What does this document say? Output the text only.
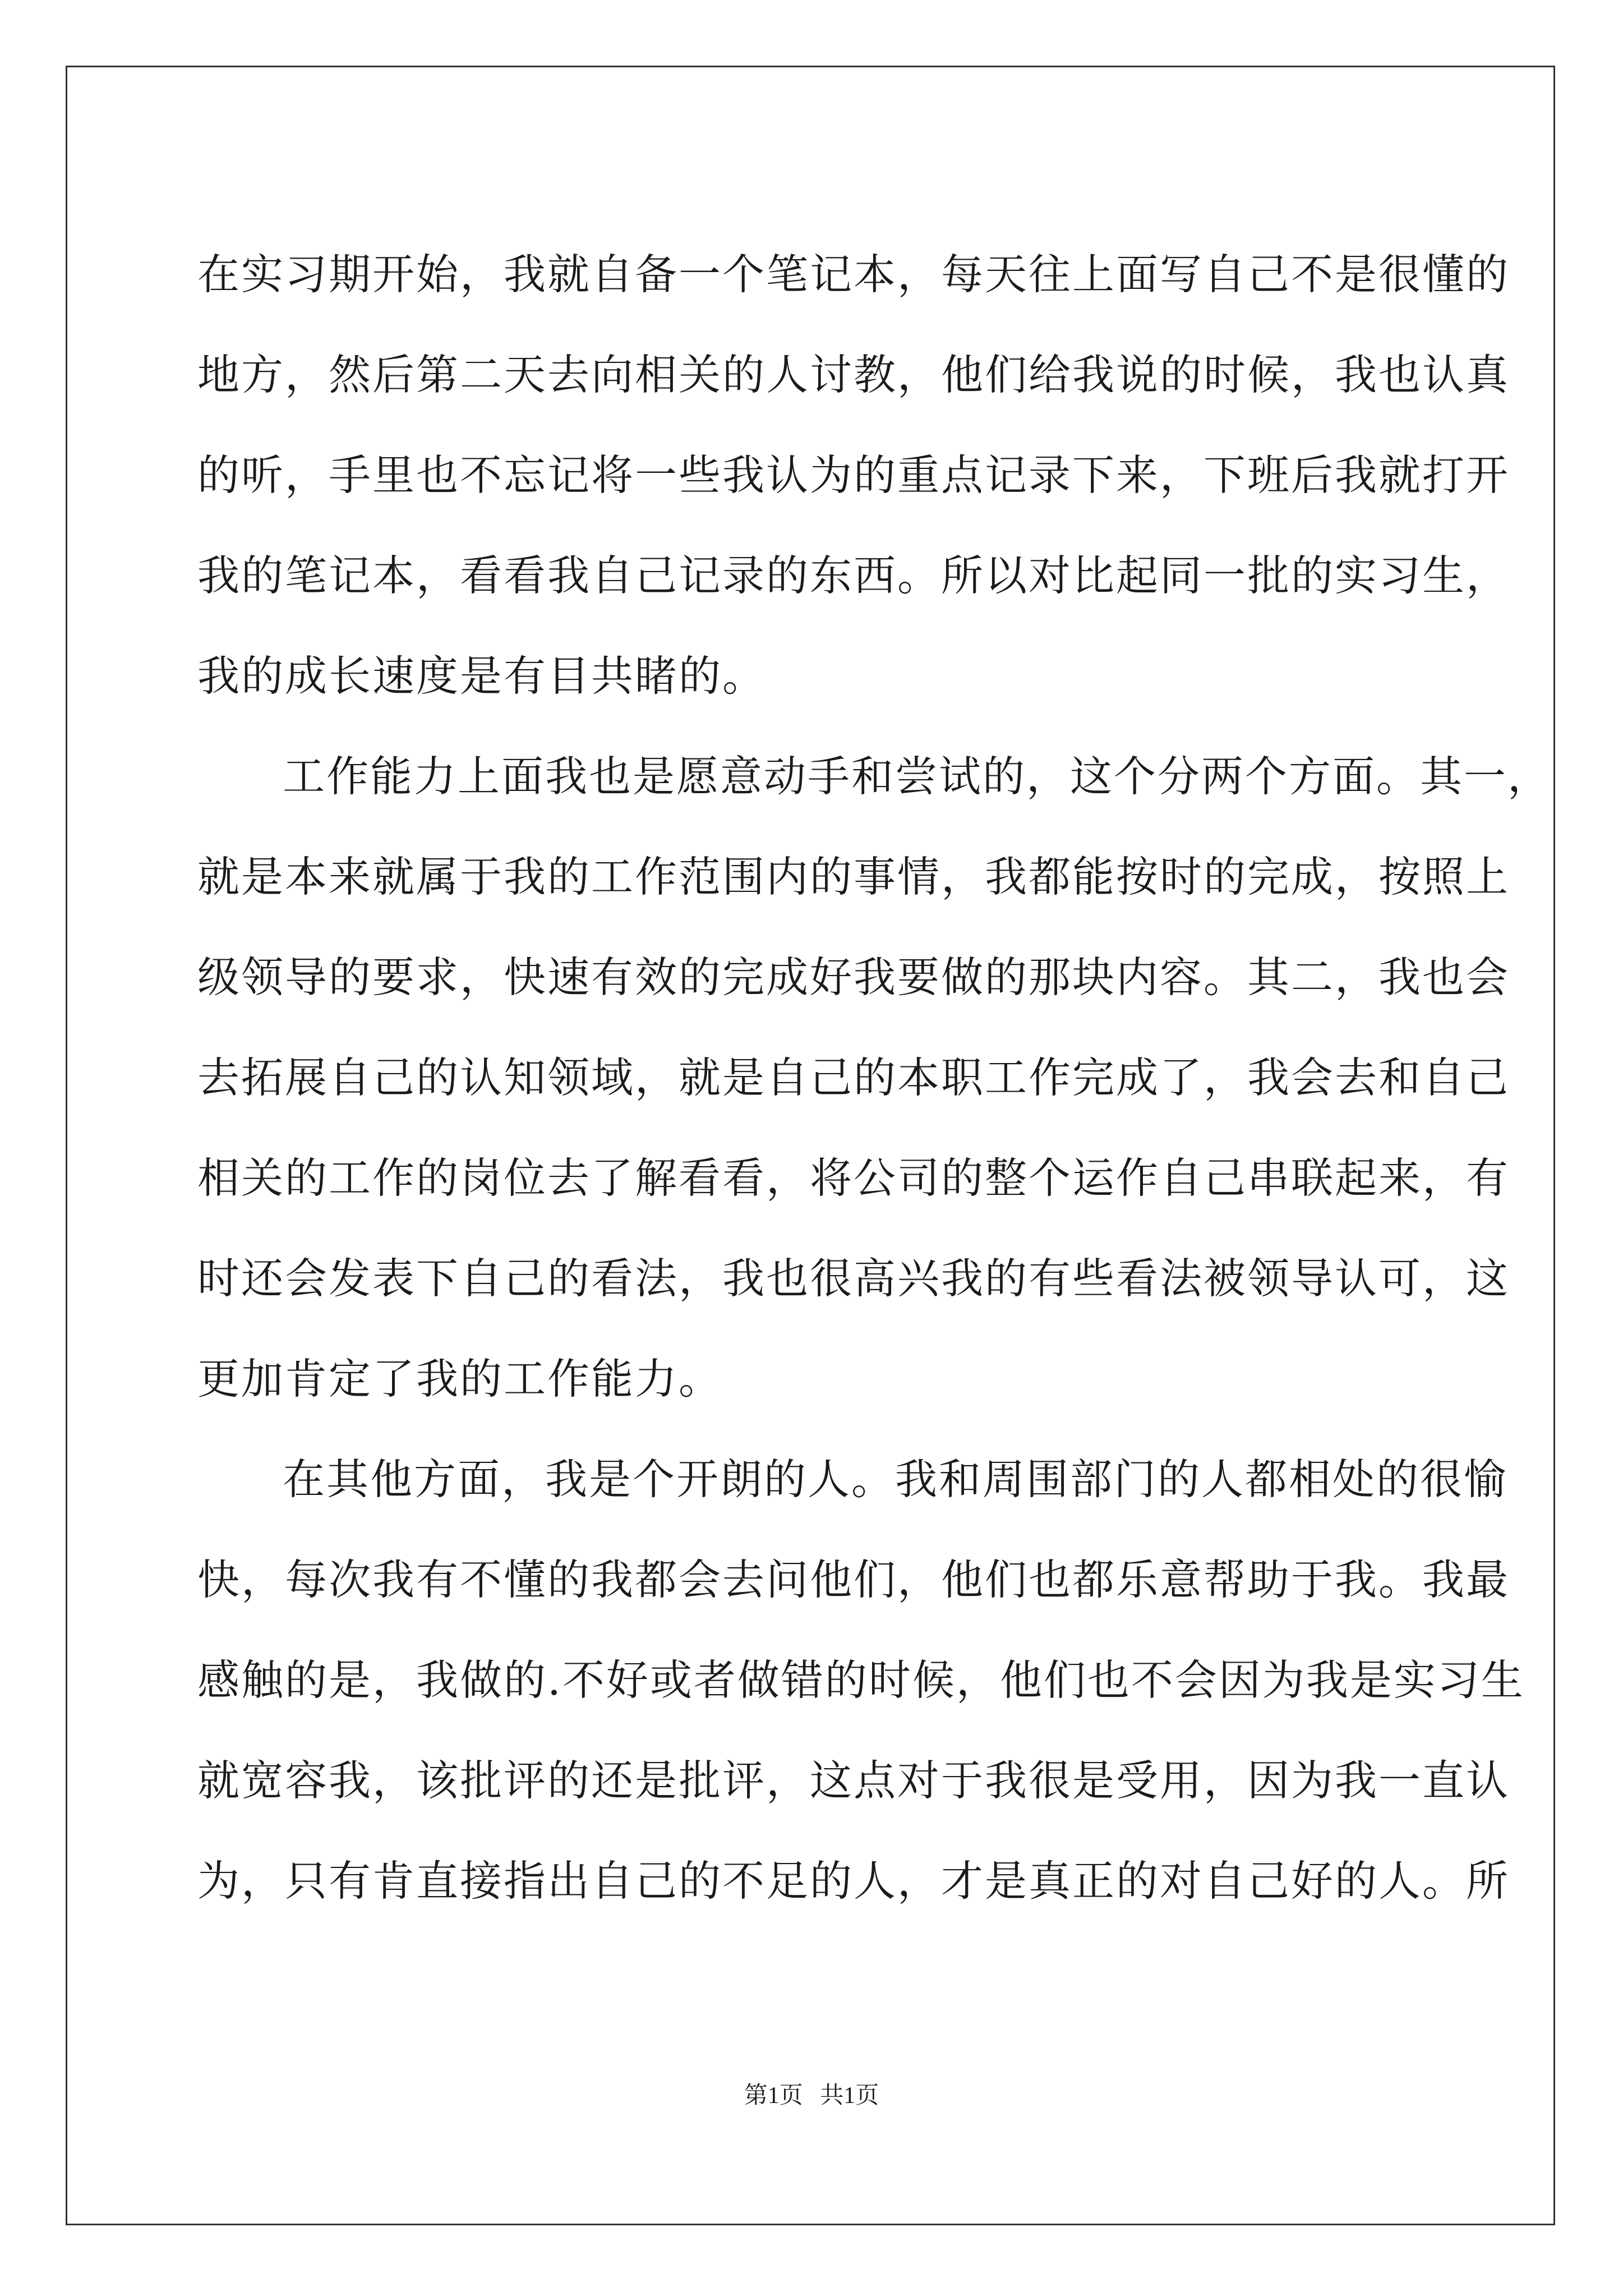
在实习期开始，我就自备一个笔记本，每天往上面写自己不是很懂的
地方，然后第二天去向相关的人讨教，他们给我说的时候，我也认真
的听，手里也不忘记将一些我认为的重点记录下来，下班后我就打开
我的笔记本，看看我自己记录的东西。所以对比起同一批的实习生，
我的成长速度是有目共睹的。
工作能力上面我也是愿意动手和尝试的，这个分两个方面。其一，
就是本来就属于我的工作范围内的事情，我都能按时的完成，按照上
级领导的要求，快速有效的完成好我要做的那块内容。其二，我也会
去拓展自己的认知领域，就是自己的本职工作完成了，我会去和自己
相关的工作的岗位去了解看看，将公司的整个运作自己串联起来，有
时还会发表下自己的看法，我也很高兴我的有些看法被领导认可，这
更加肯定了我的工作能力。
在其他方面，我是个开朗的人。我和周围部门的人都相处的很愉
快，每次我有不懂的我都会去问他们，他们也都乐意帮助于我。我最
感触的是，我做的.不好或者做错的时候，他们也不会因为我是实习生
就宽容我，该批评的还是批评，这点对于我很是受用，因为我一直认
为，只有肯直接指出自己的不足的人，才是真正的对自己好的人。所
第1页 共1页
